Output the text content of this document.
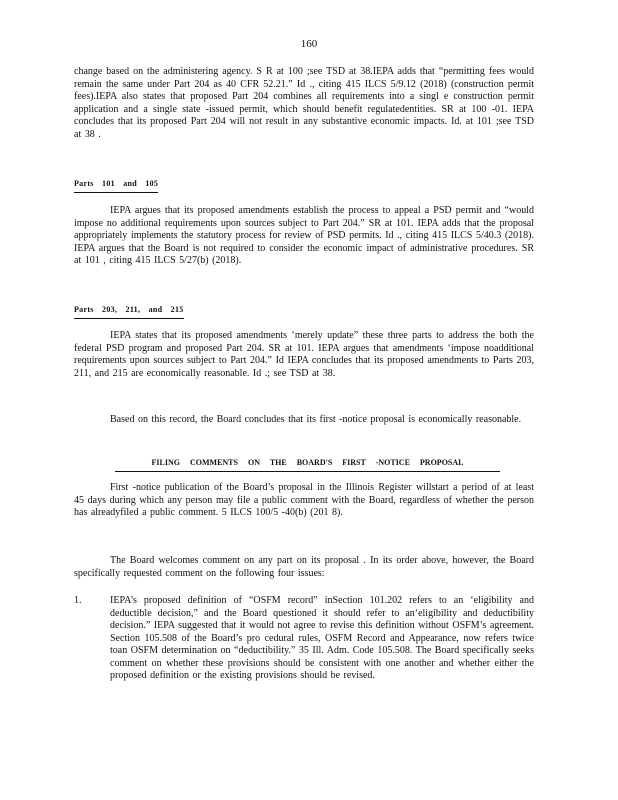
160

change based on the administering agency. S R at 100 ;see TSD at 38.IEPA adds that “permitting fees would remain the same under Part 204 as 40 CFR 52.21.” Id ., citing 415 ILCS 5/9.12 (2018) (construction permit fees).IEPA also states that proposed Part 204 combines all requirements into a singl e construction permit application and a single state -issued permit, which should benefit regulatedentities. SR at 100 -01. IEPA concludes that its proposed Part 204 will not result in any substantive economic impacts. Id. at 101 ;see TSD at 38 .

Parts 101 and 105

IEPA argues that its proposed amendments establish the process to appeal a PSD permit and “would impose no additional requirements upon sources subject to Part 204.” SR at 101. IEPA adds that the proposal appropriately implements the statutory process for review of PSD permits. Id ., citing 415 ILCS 5/40.3 (2018). IEPA argues that the Board is not required to consider the economic impact of administrative procedures. SR at 101 , citing 415 ILCS 5/27(b) (2018).

Parts 203, 211, and 215

IEPA states that its proposed amendments ‘merely update” these three parts to address the both the federal PSD program and proposed Part 204. SR at 101. IEPA argues that amendments ‘impose noadditional requirements upon sources subject to Part 204.” Id IEPA concludes that its proposed amendments to Parts 203, 211, and 215 are economically reasonable. Id .; see TSD at 38.

Based on this record, the Board concludes that its first -notice proposal is economically reasonable.

FILING COMMENTS ON THE BOARD'S FIRST -NOTICE PROPOSAL

First -notice publication of the Board’s proposal in the Illinois Register willstart a period of at least 45 days during which any person may file a public comment with the Board, regardless of whether the person has alreadyfiled a public comment. 5 ILCS 100/5 -40(b) (201 8).

The Board welcomes comment on any part on its proposal . In its order above, however, the Board specifically requested comment on the following four issues:

1.	IEPA’s proposed definition of “OSFM record” inSection 101.202 refers to an ‘eligibility and deductible decision,” and the Board questioned it should refer to an‘eligibility and deductibility decision.” IEPA suggested that it would not agree to revise this definition without OSFM’s agreement. Section 105.508 of the Board’s pro cedural rules, OSFM Record and Appearance, now refers twice toan OSFM determination on “deductibility.” 35 Ill. Adm. Code 105.508. The Board specifically seeks comment on whether these provisions should be consistent with one another and whether either the proposed definition or the existing provisions should be revised.
